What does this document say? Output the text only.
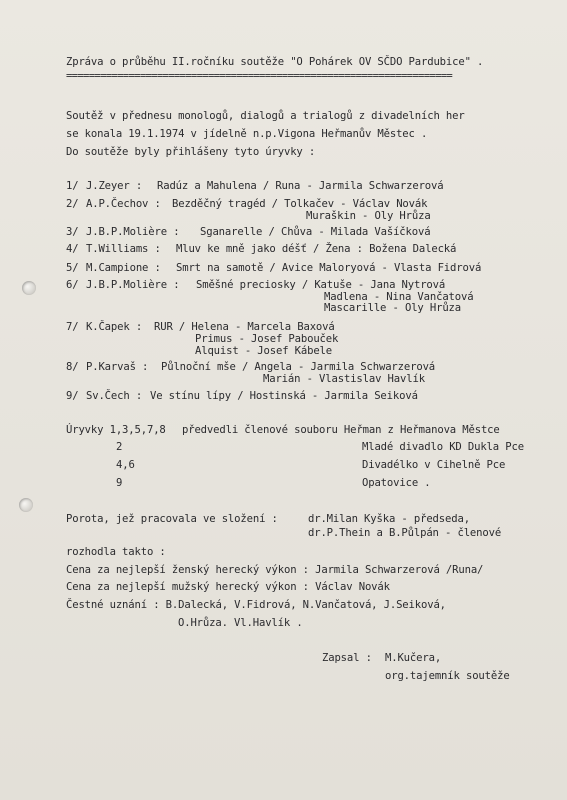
Zpráva o průběhu II.ročníku soutěže "O Pohárek OV SČDO Pardubice" .
====================================================================
Soutěž v přednesu monologů, dialogů a trialogů z divadelních her
se konala 19.1.1974 v jídelně n.p.Vigona Heřmanův Městec .
Do soutěže byly přihlášeny tyto úryvky :
1/ J.Zeyer : Radúz a Mahulena / Runa - Jarmila Schwarzerová
2/ A.P.Čechov : Bezděčný tragéd / Tolkačev - Václav Novák
Muraškin - Oly Hrůza
3/ J.B.P.Molière : Sganarelle / Chůva - Milada Vašíčková
4/ T.Williams : Mluv ke mně jako déšť / Žena : Božena Dalecká
5/ M.Campione : Smrt na samotě / Avice Maloryová - Vlasta Fidrová
6/ J.B.P.Molière : Směšné preciosky / Katuše - Jana Nytrová
Madlena - Nina Vančatová
Mascarille - Oly Hrůza
7/ K.Čapek : RUR / Helena - Marcela Baxová
Primus - Josef Pabouček
Alquist - Josef Kábele
8/ P.Karvaš : Půlnoční mše / Angela - Jarmila Schwarzerová
Marián - Vlastislav Havlík
9/ Sv.Čech : Ve stínu lípy / Hostinská - Jarmila Seiková
Úryvky 1,3,5,7,8 předvedli členové souboru Heřman z Heřmanova Městce
2	Mladé divadlo KD Dukla Pce
4,6	Divadélko v Cihelně Pce
9	Opatovice .
Porota, jež pracovala ve složení :	dr.Milan Kyška - předseda,
dr.P.Thein a B.Půlpán - členové
rozhodla takto :
Cena za nejlepší ženský herecký výkon : Jarmila Schwarzerová /Runa/
Cena za nejlepší mužský herecký výkon : Václav Novák
Čestné uznání : B.Dalecká, V.Fidrová, N.Vančatová, J.Seiková,
O.Hrůza. Vl.Havlík .
Zapsal : M.Kučera,
org.tajemník soutěže
